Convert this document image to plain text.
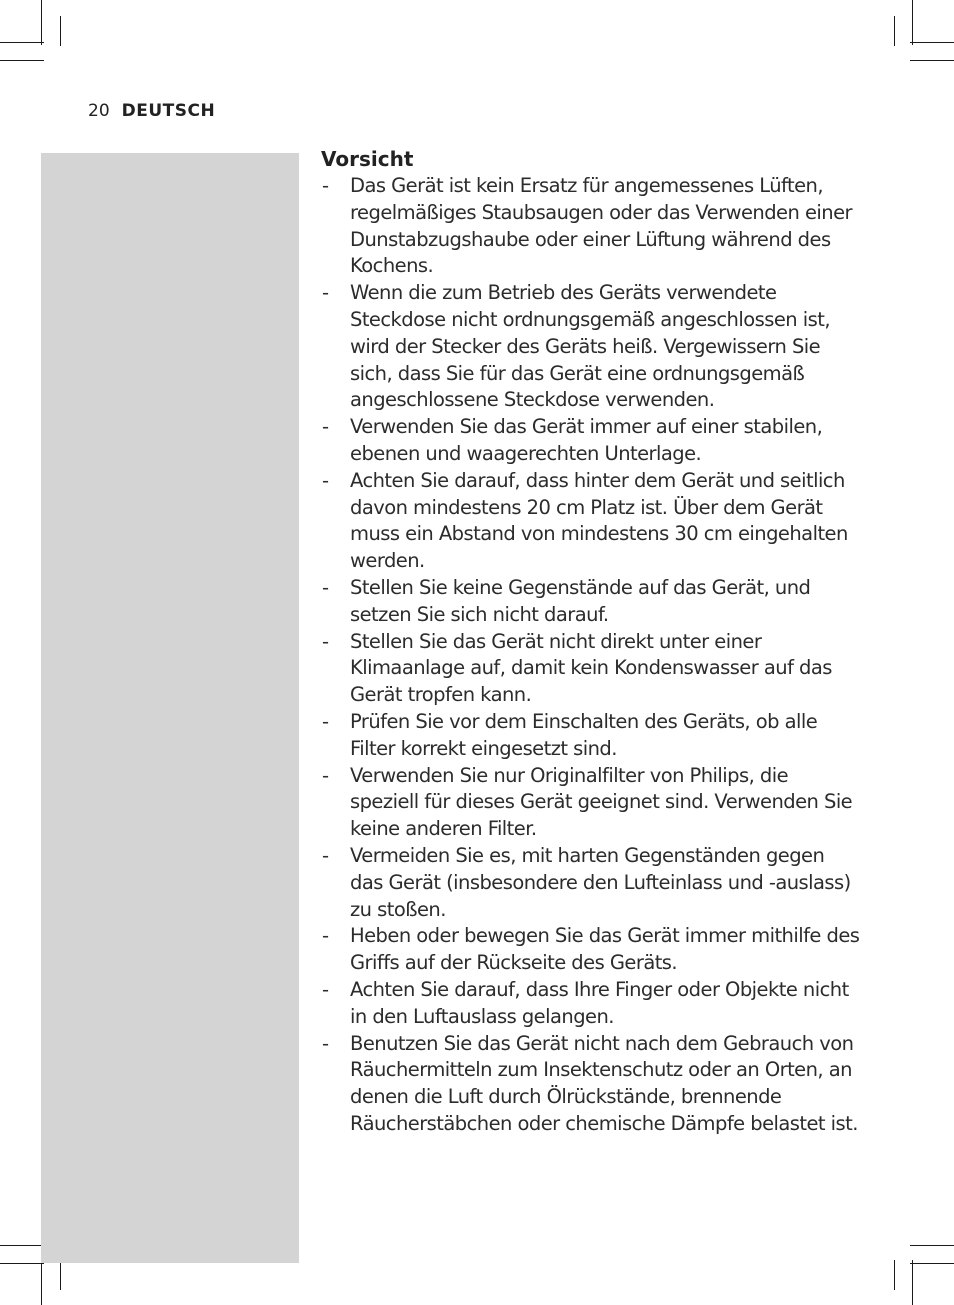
20 DEUTSCH
Vorsicht
- Das Gerät ist kein Ersatz für angemessenes Lüften, regelmäßiges Staubsaugen oder das Verwenden einer Dunstabzugshaube oder einer Lüftung während des Kochens.
- Wenn die zum Betrieb des Geräts verwendete Steckdose nicht ordnungsgemäß angeschlossen ist, wird der Stecker des Geräts heiß. Vergewissern Sie sich, dass Sie für das Gerät eine ordnungsgemäß angeschlossene Steckdose verwenden.
- Verwenden Sie das Gerät immer auf einer stabilen, ebenen und waagerechten Unterlage.
- Achten Sie darauf, dass hinter dem Gerät und seitlich davon mindestens 20 cm Platz ist. Über dem Gerät muss ein Abstand von mindestens 30 cm eingehalten werden.
- Stellen Sie keine Gegenstände auf das Gerät, und setzen Sie sich nicht darauf.
- Stellen Sie das Gerät nicht direkt unter einer Klimaanlage auf, damit kein Kondenswasser auf das Gerät tropfen kann.
- Prüfen Sie vor dem Einschalten des Geräts, ob alle Filter korrekt eingesetzt sind.
- Verwenden Sie nur Originalfilter von Philips, die speziell für dieses Gerät geeignet sind. Verwenden Sie keine anderen Filter.
- Vermeiden Sie es, mit harten Gegenständen gegen das Gerät (insbesondere den Lufteinlass und -auslass) zu stoßen.
- Heben oder bewegen Sie das Gerät immer mithilfe des Griffs auf der Rückseite des Geräts.
- Achten Sie darauf, dass Ihre Finger oder Objekte nicht in den Luftauslass gelangen.
- Benutzen Sie das Gerät nicht nach dem Gebrauch von Räuchermitteln zum Insektenschutz oder an Orten, an denen die Luft durch Ölrückstände, brennende Räucherstäbchen oder chemische Dämpfe belastet ist.
